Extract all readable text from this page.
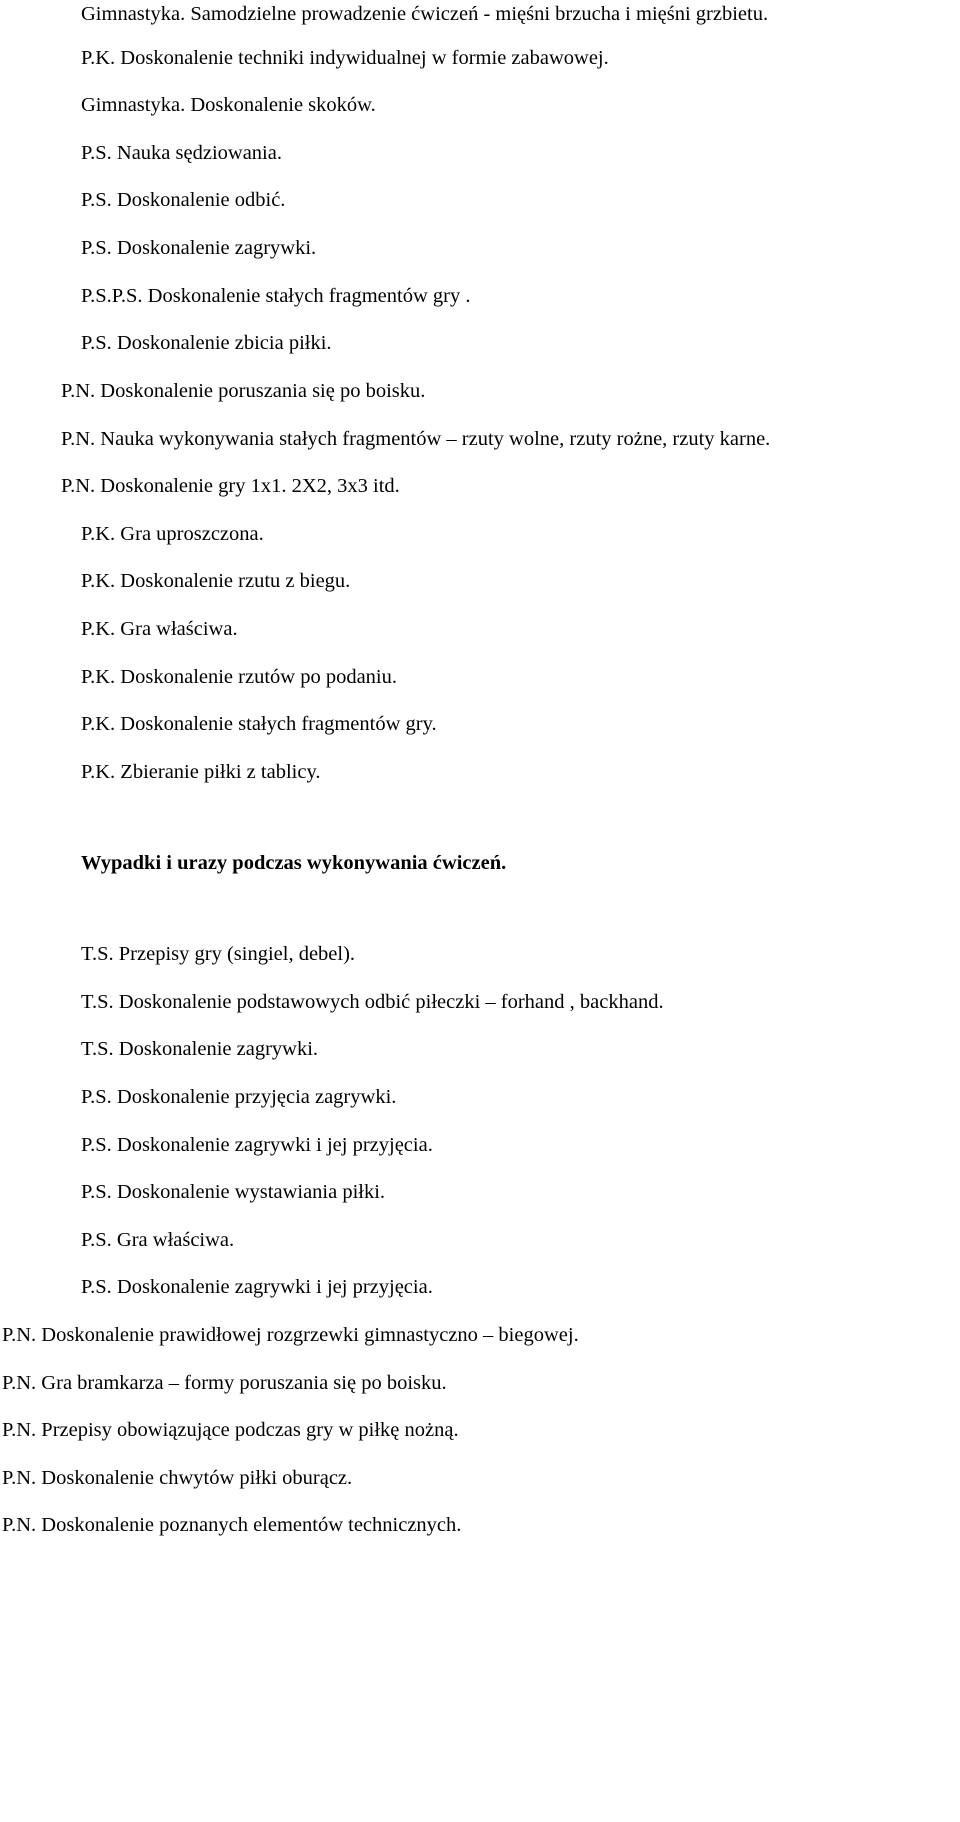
Gimnastyka. Samodzielne prowadzenie ćwiczeń - mięśni brzucha i mięśni grzbietu.
P.K. Doskonalenie techniki indywidualnej w formie zabawowej.
Gimnastyka. Doskonalenie skoków.
P.S. Nauka sędziowania.
P.S. Doskonalenie odbić.
P.S. Doskonalenie zagrywki.
P.S.P.S. Doskonalenie stałych fragmentów gry .
P.S. Doskonalenie zbicia piłki.
P.N. Doskonalenie poruszania się po boisku.
P.N. Nauka wykonywania stałych fragmentów – rzuty wolne, rzuty rożne, rzuty karne.
P.N. Doskonalenie gry 1x1. 2X2, 3x3 itd.
P.K. Gra uproszczona.
P.K. Doskonalenie rzutu z biegu.
P.K. Gra właściwa.
P.K. Doskonalenie rzutów po podaniu.
P.K. Doskonalenie stałych fragmentów gry.
P.K. Zbieranie piłki z tablicy.
Wypadki i urazy podczas wykonywania ćwiczeń.
T.S. Przepisy gry (singiel, debel).
T.S. Doskonalenie podstawowych odbić piłeczki – forhand , backhand.
T.S. Doskonalenie zagrywki.
P.S. Doskonalenie przyjęcia zagrywki.
P.S. Doskonalenie zagrywki i jej przyjęcia.
P.S. Doskonalenie wystawiania piłki.
P.S. Gra właściwa.
P.S. Doskonalenie zagrywki i jej przyjęcia.
P.N. Doskonalenie prawidłowej rozgrzewki gimnastyczno – biegowej.
P.N. Gra bramkarza – formy poruszania się po boisku.
P.N. Przepisy obowiązujące podczas gry w piłkę nożną.
P.N. Doskonalenie chwytów piłki oburącz.
P.N. Doskonalenie poznanych elementów technicznych.
